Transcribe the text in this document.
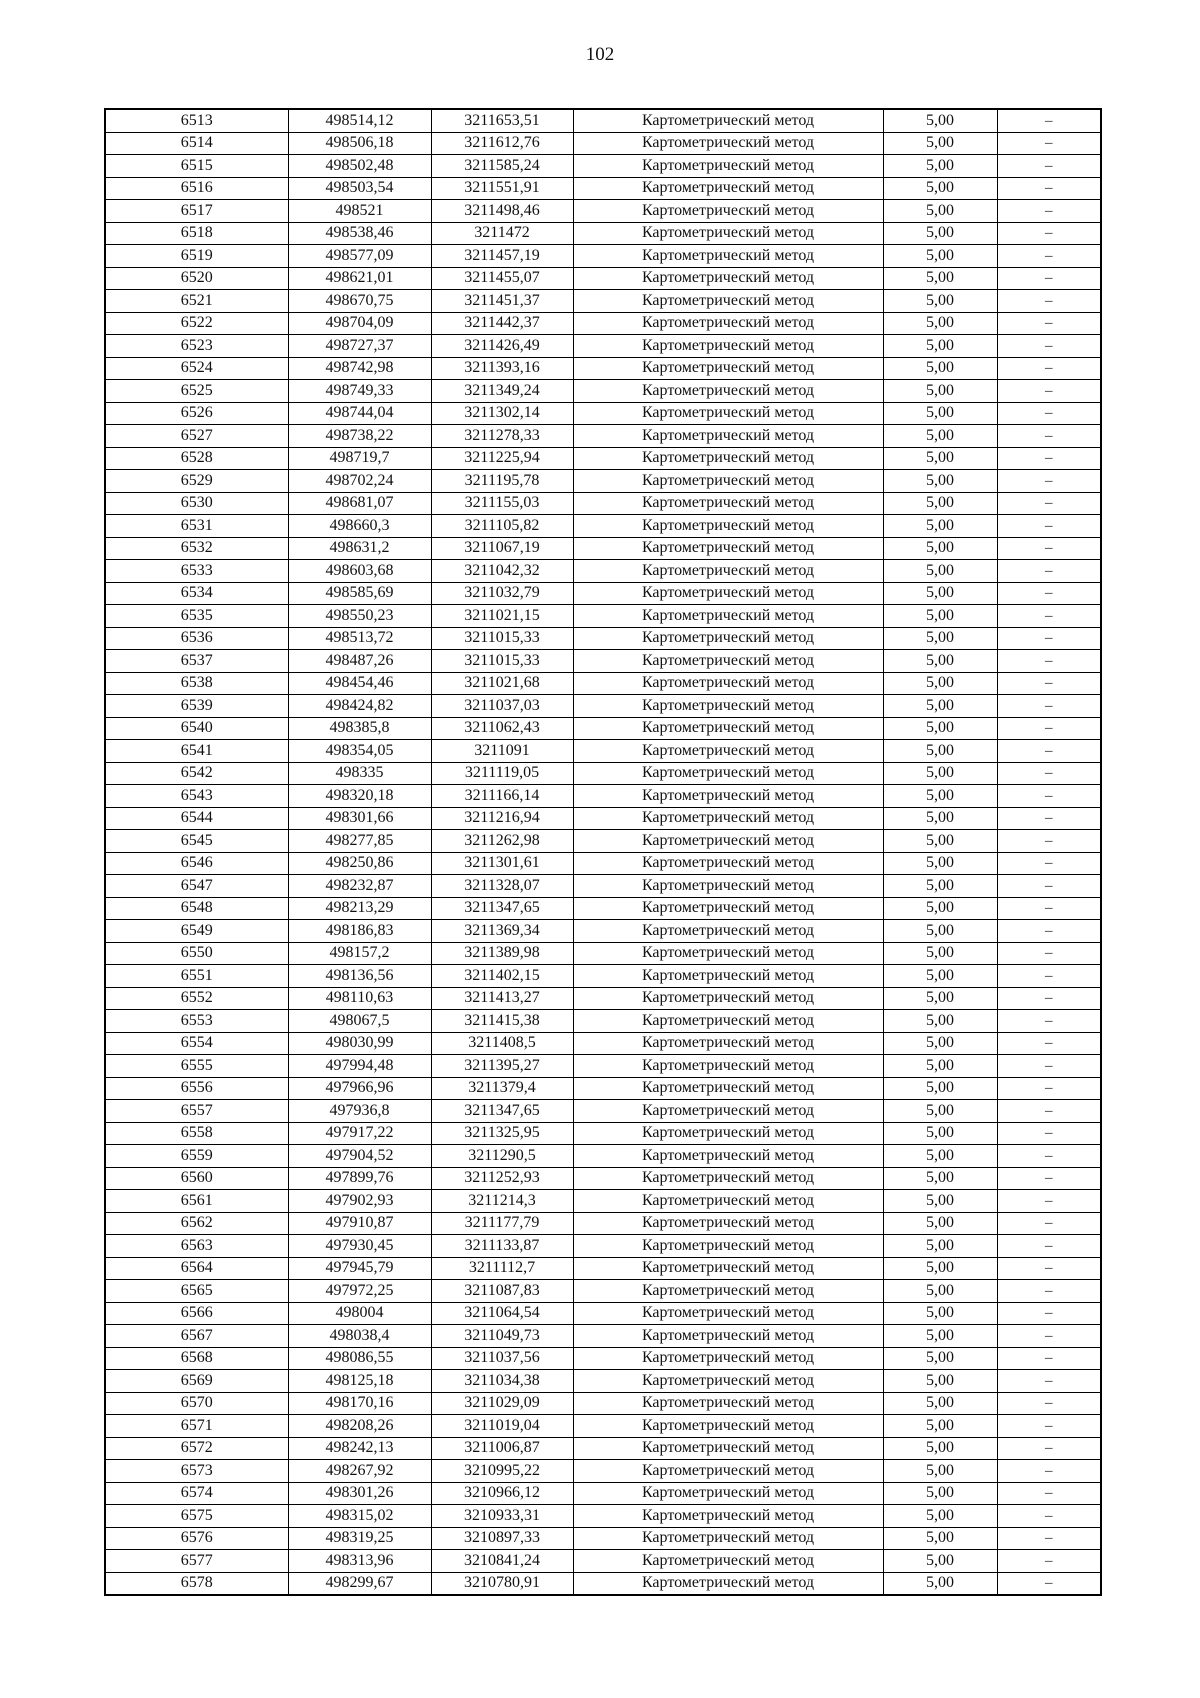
102
6513	498514,12	3211653,51	Картометрический метод	5,00	–
6514	498506,18	3211612,76	Картометрический метод	5,00	–
6515	498502,48	3211585,24	Картометрический метод	5,00	–
6516	498503,54	3211551,91	Картометрический метод	5,00	–
6517	498521	3211498,46	Картометрический метод	5,00	–
6518	498538,46	3211472	Картометрический метод	5,00	–
6519	498577,09	3211457,19	Картометрический метод	5,00	–
6520	498621,01	3211455,07	Картометрический метод	5,00	–
6521	498670,75	3211451,37	Картометрический метод	5,00	–
6522	498704,09	3211442,37	Картометрический метод	5,00	–
6523	498727,37	3211426,49	Картометрический метод	5,00	–
6524	498742,98	3211393,16	Картометрический метод	5,00	–
6525	498749,33	3211349,24	Картометрический метод	5,00	–
6526	498744,04	3211302,14	Картометрический метод	5,00	–
6527	498738,22	3211278,33	Картометрический метод	5,00	–
6528	498719,7	3211225,94	Картометрический метод	5,00	–
6529	498702,24	3211195,78	Картометрический метод	5,00	–
6530	498681,07	3211155,03	Картометрический метод	5,00	–
6531	498660,3	3211105,82	Картометрический метод	5,00	–
6532	498631,2	3211067,19	Картометрический метод	5,00	–
6533	498603,68	3211042,32	Картометрический метод	5,00	–
6534	498585,69	3211032,79	Картометрический метод	5,00	–
6535	498550,23	3211021,15	Картометрический метод	5,00	–
6536	498513,72	3211015,33	Картометрический метод	5,00	–
6537	498487,26	3211015,33	Картометрический метод	5,00	–
6538	498454,46	3211021,68	Картометрический метод	5,00	–
6539	498424,82	3211037,03	Картометрический метод	5,00	–
6540	498385,8	3211062,43	Картометрический метод	5,00	–
6541	498354,05	3211091	Картометрический метод	5,00	–
6542	498335	3211119,05	Картометрический метод	5,00	–
6543	498320,18	3211166,14	Картометрический метод	5,00	–
6544	498301,66	3211216,94	Картометрический метод	5,00	–
6545	498277,85	3211262,98	Картометрический метод	5,00	–
6546	498250,86	3211301,61	Картометрический метод	5,00	–
6547	498232,87	3211328,07	Картометрический метод	5,00	–
6548	498213,29	3211347,65	Картометрический метод	5,00	–
6549	498186,83	3211369,34	Картометрический метод	5,00	–
6550	498157,2	3211389,98	Картометрический метод	5,00	–
6551	498136,56	3211402,15	Картометрический метод	5,00	–
6552	498110,63	3211413,27	Картометрический метод	5,00	–
6553	498067,5	3211415,38	Картометрический метод	5,00	–
6554	498030,99	3211408,5	Картометрический метод	5,00	–
6555	497994,48	3211395,27	Картометрический метод	5,00	–
6556	497966,96	3211379,4	Картометрический метод	5,00	–
6557	497936,8	3211347,65	Картометрический метод	5,00	–
6558	497917,22	3211325,95	Картометрический метод	5,00	–
6559	497904,52	3211290,5	Картометрический метод	5,00	–
6560	497899,76	3211252,93	Картометрический метод	5,00	–
6561	497902,93	3211214,3	Картометрический метод	5,00	–
6562	497910,87	3211177,79	Картометрический метод	5,00	–
6563	497930,45	3211133,87	Картометрический метод	5,00	–
6564	497945,79	3211112,7	Картометрический метод	5,00	–
6565	497972,25	3211087,83	Картометрический метод	5,00	–
6566	498004	3211064,54	Картометрический метод	5,00	–
6567	498038,4	3211049,73	Картометрический метод	5,00	–
6568	498086,55	3211037,56	Картометрический метод	5,00	–
6569	498125,18	3211034,38	Картометрический метод	5,00	–
6570	498170,16	3211029,09	Картометрический метод	5,00	–
6571	498208,26	3211019,04	Картометрический метод	5,00	–
6572	498242,13	3211006,87	Картометрический метод	5,00	–
6573	498267,92	3210995,22	Картометрический метод	5,00	–
6574	498301,26	3210966,12	Картометрический метод	5,00	–
6575	498315,02	3210933,31	Картометрический метод	5,00	–
6576	498319,25	3210897,33	Картометрический метод	5,00	–
6577	498313,96	3210841,24	Картометрический метод	5,00	–
6578	498299,67	3210780,91	Картометрический метод	5,00	–
